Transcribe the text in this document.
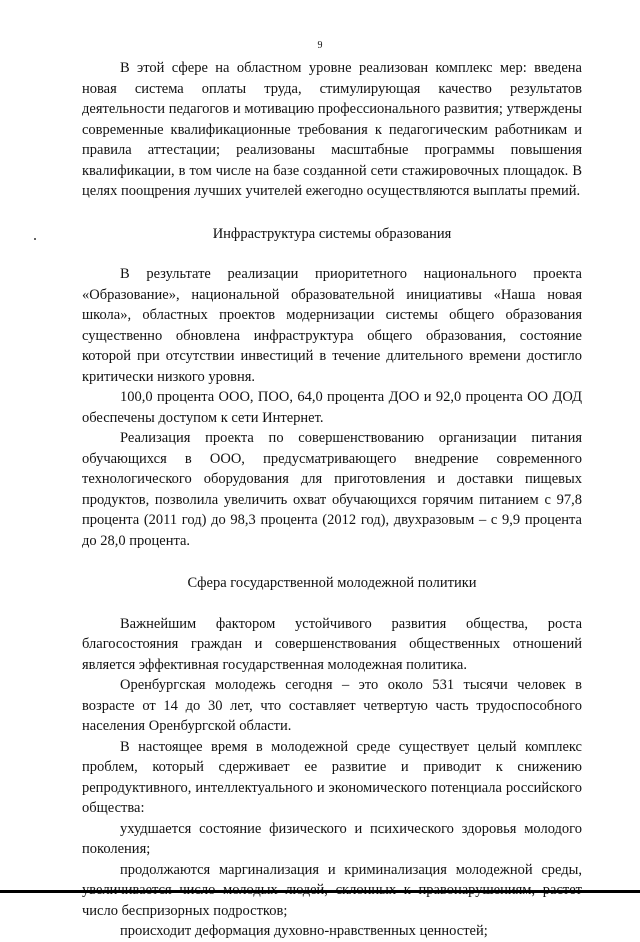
9

В этой сфере на областном уровне реализован комплекс мер: введена новая система оплаты труда, стимулирующая качество результатов деятельности педагогов и мотивацию профессионального развития; утверждены современные квалификационные требования к педагогическим работникам и правила аттестации; реализованы масштабные программы повышения квалификации, в том числе на базе созданной сети стажировочных площадок. В целях поощрения лучших учителей ежегодно осуществляются выплаты премий.

Инфраструктура системы образования

В результате реализации приоритетного национального проекта «Образование», национальной образовательной инициативы «Наша новая школа», областных проектов модернизации системы общего образования существенно обновлена инфраструктура общего образования, состояние которой при отсутствии инвестиций в течение длительного времени достигло критически низкого уровня.

100,0 процента ООО, ПОО, 64,0 процента ДОО и 92,0 процента ОО ДОД обеспечены доступом к сети Интернет.

Реализация проекта по совершенствованию организации питания обучающихся в ООО, предусматривающего внедрение современного технологического оборудования для приготовления и доставки пищевых продуктов, позволила увеличить охват обучающихся горячим питанием с 97,8 процента (2011 год) до 98,3 процента (2012 год), двухразовым – с 9,9 процента до 28,0 процента.

Сфера государственной молодежной политики

Важнейшим фактором устойчивого развития общества, роста благосостояния граждан и совершенствования общественных отношений является эффективная государственная молодежная политика.

Оренбургская молодежь сегодня – это около 531 тысячи человек в возрасте от 14 до 30 лет, что составляет четвертую часть трудоспособного населения Оренбургской области.

В настоящее время в молодежной среде существует целый комплекс проблем, который сдерживает ее развитие и приводит к снижению репродуктивного, интеллектуального и экономического потенциала российского общества:

ухудшается состояние физического и психического здоровья молодого поколения;

продолжаются маргинализация и криминализация молодежной среды, число беспризорных подростков;

происходит деформация духовно-нравственных ценностей;
